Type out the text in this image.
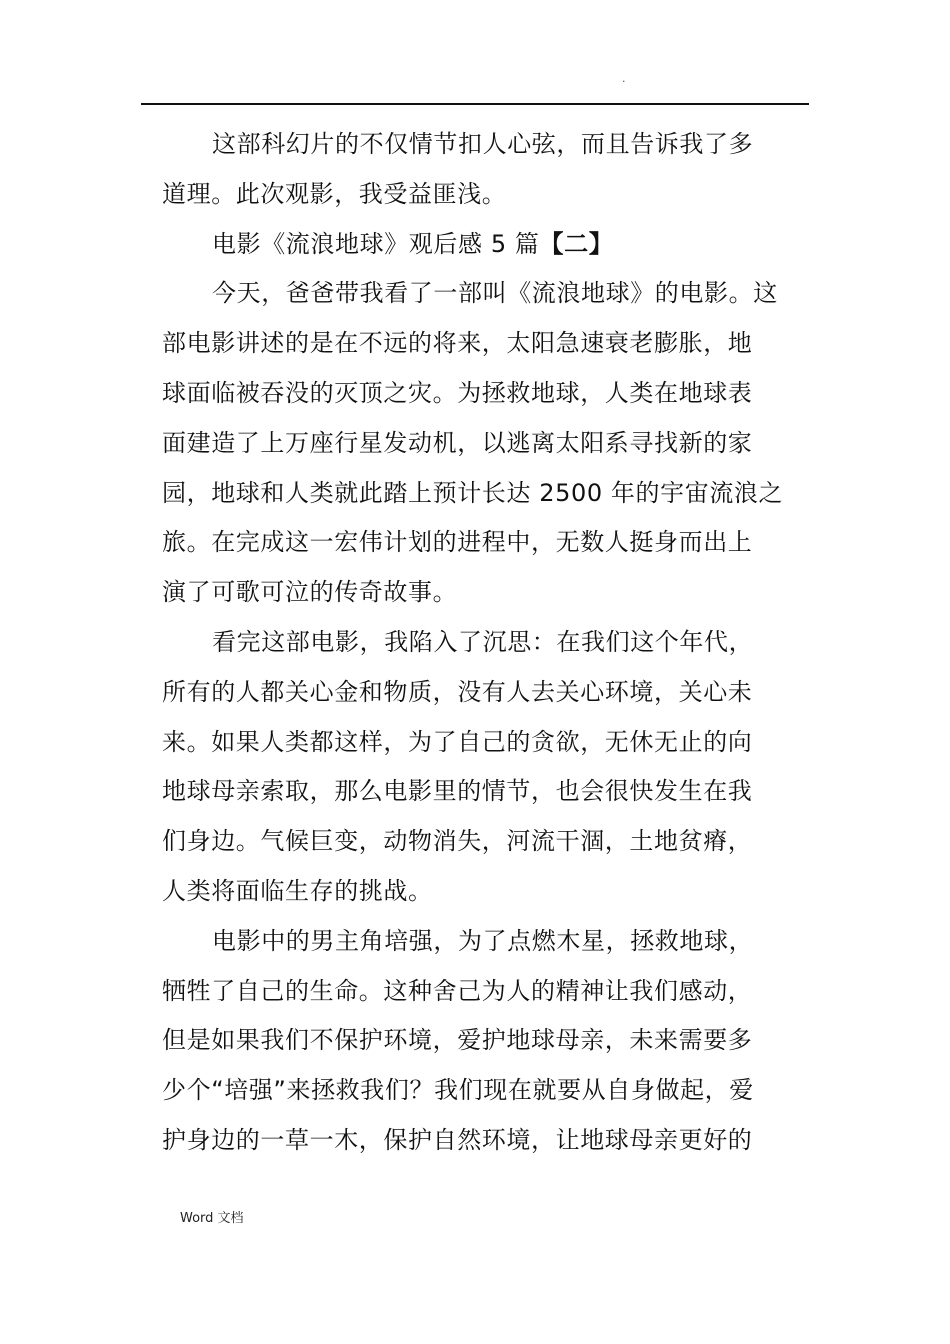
.
这部科幻片的不仅情节扣人心弦，而且告诉我了多
道理。此次观影，我受益匪浅。
电影《流浪地球》观后感 5 篇【二】
今天，爸爸带我看了一部叫《流浪地球》的电影。这
部电影讲述的是在不远的将来，太阳急速衰老膨胀，地
球面临被吞没的灭顶之灾。为拯救地球，人类在地球表
面建造了上万座行星发动机，以逃离太阳系寻找新的家
园，地球和人类就此踏上预计长达 2500 年的宇宙流浪之
旅。在完成这一宏伟计划的进程中，无数人挺身而出上
演了可歌可泣的传奇故事。
看完这部电影，我陷入了沉思：在我们这个年代，
所有的人都关心金和物质，没有人去关心环境，关心未
来。如果人类都这样，为了自己的贪欲，无休无止的向
地球母亲索取，那么电影里的情节，也会很快发生在我
们身边。气候巨变，动物消失，河流干涸，土地贫瘠，
人类将面临生存的挑战。
电影中的男主角培强，为了点燃木星，拯救地球，
牺牲了自己的生命。这种舍己为人的精神让我们感动，
但是如果我们不保护环境，爱护地球母亲，未来需要多
少个“培强”来拯救我们？我们现在就要从自身做起，爱
护身边的一草一木，保护自然环境，让地球母亲更好的
Word 文档
